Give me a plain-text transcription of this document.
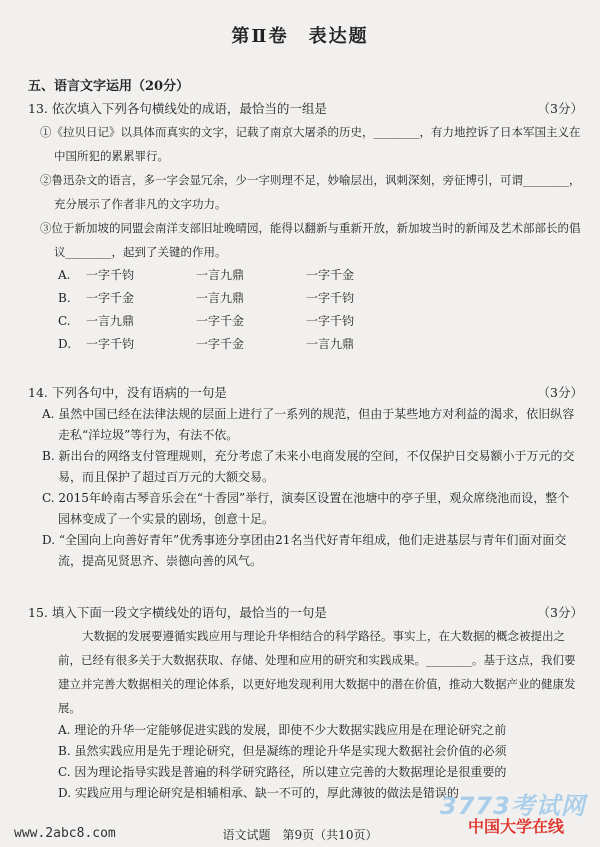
第Ⅱ卷　表达题
五、语言文字运用（20分）
13. 依次填入下列各句横线处的成语，最恰当的一组是	（3分）
①《拉贝日记》以具体而真实的文字，记载了南京大屠杀的历史，________，有力地控诉了日本军国主义在中国所犯的累累罪行。
②鲁迅杂文的语言，多一字会显冗余，少一字则理不足，妙喻层出，讽刺深刻，旁征博引，可谓________，充分展示了作者非凡的文字功力。
③位于新加坡的同盟会南洋支部旧址晚晴园，能得以翻新与重新开放，新加坡当时的新闻及艺术部部长的倡议________，起到了关键的作用。
A.	一字千钧	一言九鼎	一字千金
B.	一字千金	一言九鼎	一字千钧
C.	一言九鼎	一字千金	一字千钧
D.	一字千钧	一字千金	一言九鼎
14. 下列各句中，没有语病的一句是	（3分）
A. 虽然中国已经在法律法规的层面上进行了一系列的规范，但由于某些地方对利益的渴求，依旧纵容走私“洋垃圾”等行为，有法不依。
B. 新出台的网络支付管理规则，充分考虑了未来小电商发展的空间，不仅保护日交易额小于万元的交易，而且保护了超过百万元的大额交易。
C. 2015年岭南古琴音乐会在“十香园”举行，演奏区设置在池塘中的亭子里，观众席绕池而设，整个园林变成了一个实景的剧场，创意十足。
D. “全国向上向善好青年”优秀事迹分享团由21名当代好青年组成，他们走进基层与青年们面对面交流，提高见贤思齐、崇德向善的风气。
15. 填入下面一段文字横线处的语句，最恰当的一句是	（3分）
大数据的发展要遵循实践应用与理论升华相结合的科学路径。事实上，在大数据的概念被提出之前，已经有很多关于大数据获取、存储、处理和应用的研究和实践成果。________。基于这点，我们要建立并完善大数据相关的理论体系，以更好地发现利用大数据中的潜在价值，推动大数据产业的健康发展。
A. 理论的升华一定能够促进实践的发展，即使不少大数据实践应用是在理论研究之前
B. 虽然实践应用是先于理论研究，但是凝练的理论升华是实现大数据社会价值的必须
C. 因为理论指导实践是普遍的科学研究路径，所以建立完善的大数据理论是很重要的
D. 实践应用与理论研究是相辅相承、缺一不可的，厚此薄彼的做法是错误的
3773考试网
中国大学在线
www.2abc8.com	语文试题　第9页（共10页）
